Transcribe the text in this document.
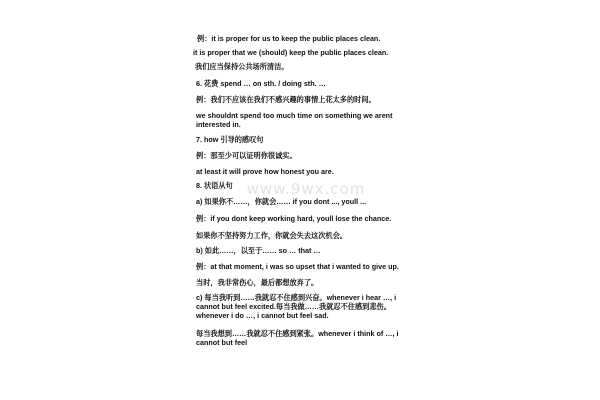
例：it is proper for us to keep the public places clean.
it is proper that we (should) keep the public places clean.
我们应当保持公共场所清洁。
6. 花费 spend … on sth. / doing sth. …
例：我们不应该在我们不感兴趣的事情上花太多的时间。
we shouldnt spend too much time on something we arent interested in.
7. how 引导的感叹句
例：那至少可以证明你很诚实。
at least it will prove how honest you are.
8. 状语从句
a) 如果你不……，你就会…… if you dont ..., youll ...
例：if you dont keep working hard, youll lose the chance.
如果你不坚持努力工作，你就会失去这次机会。
b) 如此……，以至于…… so … that …
例：at that moment, i was so upset that i wanted to give up.
当时，我非常伤心，最后都想放弃了。
c) 每当我听到……我就忍不住感到兴奋。whenever i hear …, i cannot but feel excited.每当我做……我就忍不住感到悲伤。whenever i do …, i cannot but feel sad.
每当我想到……我就忍不住感到紧张。whenever i think of …, i cannot but feel
www.9wx.com
